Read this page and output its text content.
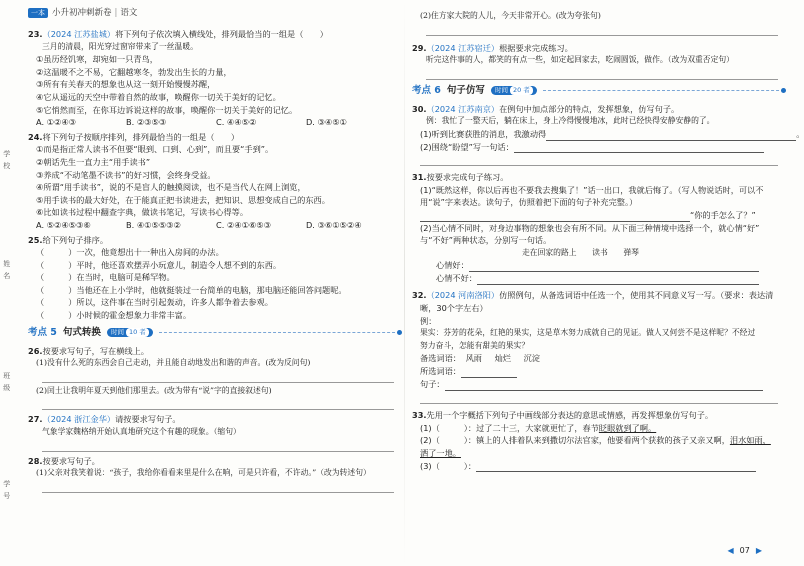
学
校
姓
名
班
级
学
号
一本 小升初冲刺新卷 | 语文
23.（2024 江苏盐城）将下列句子依次填入横线处，排列最恰当的一组是（　　）
三月的清晨，阳光穿过窗帘带来了一丝温暖。
①虽历经饥寒，却宛如一只青鸟，
②这温暖不之不易，它翻越寒冬，勃发出生长的力量，
③所有有关春天的想象也从这一刻开始慢慢苏醒，
④它从遥远的天空中带着自然的故事，唤醒你一切关于美好的记忆。
⑤它悄然而至，在你耳边诉说这样的故事，唤醒你一切关于美好的记忆。
A. ①②④③	B. ②③⑤③	C. ④④⑤②	D. ③④⑤①
24.将下列句子按顺序排列，排列最恰当的一组是（　　）
①而是指正常人读书不但要“眼到、口到、心到”，而且要“手到”。
②朝话先生一直力主“用手读书”
③养成“不动笔墨不读书”的好习惯，会终身受益。
④所谓“用手读书”，说的不是盲人的触摸阅读，也不是当代人在网上浏览，
⑤用手读书的最大好处，在于能真正把书读进去，把知识、思想变成自己的东西。
⑥比如读书过程中翻查字典，做读书笔记，写读书心得等。
A. ⑤②④⑤③⑥	B. ④①⑤⑤③②	C. ②④①⑥⑤③	D. ③⑥①⑤②④
25.给下列句子排序。
（	）一次，他竟想出十一种出入房间的办法。
（	）平时，他还喜欢摆弄小玩意儿，制造令人想不到的东西。
（	）在当时，电脑可是稀罕物。
（	）当他还在上小学时，他就挺装过一台简单的电脑，那电脑还能回答问题呢。
（	）所以，这件事在当时引起轰动，许多人都争着去参观。
（	）小时候的霍金想象力非常丰富。
考点 5 句式转换 时间 10 者
26.按要求写句子，写在横线上。
(1)没有什么死的东西会自己走动，并且能自动地发出和谐的声音。(改为反问句)
(2)闰土让我明年夏天到他们那里去。(改为带有“说”字的直接叙述句)
27.（2024 浙江金华）请按要求写句子。
气象学家魏格纳开始认真地研究这个有趣的现象。（缩句）
28.按要求写句子。
(1)父亲对我笑着说：“孩子，我给你看看来里是什么在响，可是只许看，不许动。”（改为转述句）
(2)住方家大院的人儿，今天非常开心。(改为夸张句)
29.（2024 江苏宿迁）根据要求完成练习。
听完这件事的人，都笑的有点一些，如定起回家去，吃闹圆饭，做作。（改为双重否定句）
考点 6 句子仿写 时间 20 者
30.（2024 江苏南京）在例句中加点部分的特点，发挥想象，仿写句子。
例：我忙了一整天后，躺在床上，身上冷得慢慢地冰，此时已经快得安静安静的了。
(1)听到比赛获胜的消息，我激动得	。
(2)围绕“盼望”写一句话：
31.按要求完成句子练习。
(1)“既然这样，你以后再也不要我去搜集了！”话一出口，我就后悔了。（写人物说话时，可以不
用“说”字来表达。读句子，仿照着把下面的句子补充完整。）
“你的手怎么了？”
(2)当心情不同时，对身边事物的想象也会有所不同。从下面三种情境中选择一个，就心情“好”
与“不好”两种状态，分别写一句话。
走在回家的路上　　读书　　弹琴
心情好：
心情不好：
32.（2024 河南洛阳）仿照例句，从备选词语中任选一个，使用其不同意义写一写。（要求：表达清
晰，30个字左右）
例：
果实：芬芳的花朵，红艳的果实，这是草木努力成就自己的见证。做人又何尝不是这样呢？不经过
努力奋斗，怎能有甜美的果实？
备选词语： 风雨 灿烂 沉淀
所选词语：
句子：
33.先用一个字概括下列句子中画线部分表达的意思或情感，再发挥想象仿写句子。
(1)（	）：过了二十三，大家就更忙了，春节眨眼就到了啊。
(2)（	）：镇上的人排着队来到撒切尔法官家，他要看两个获救的孩子又亲又啊，泪水如雨，
洒了一地。
(3)（	）：
◀ 07 ▶
